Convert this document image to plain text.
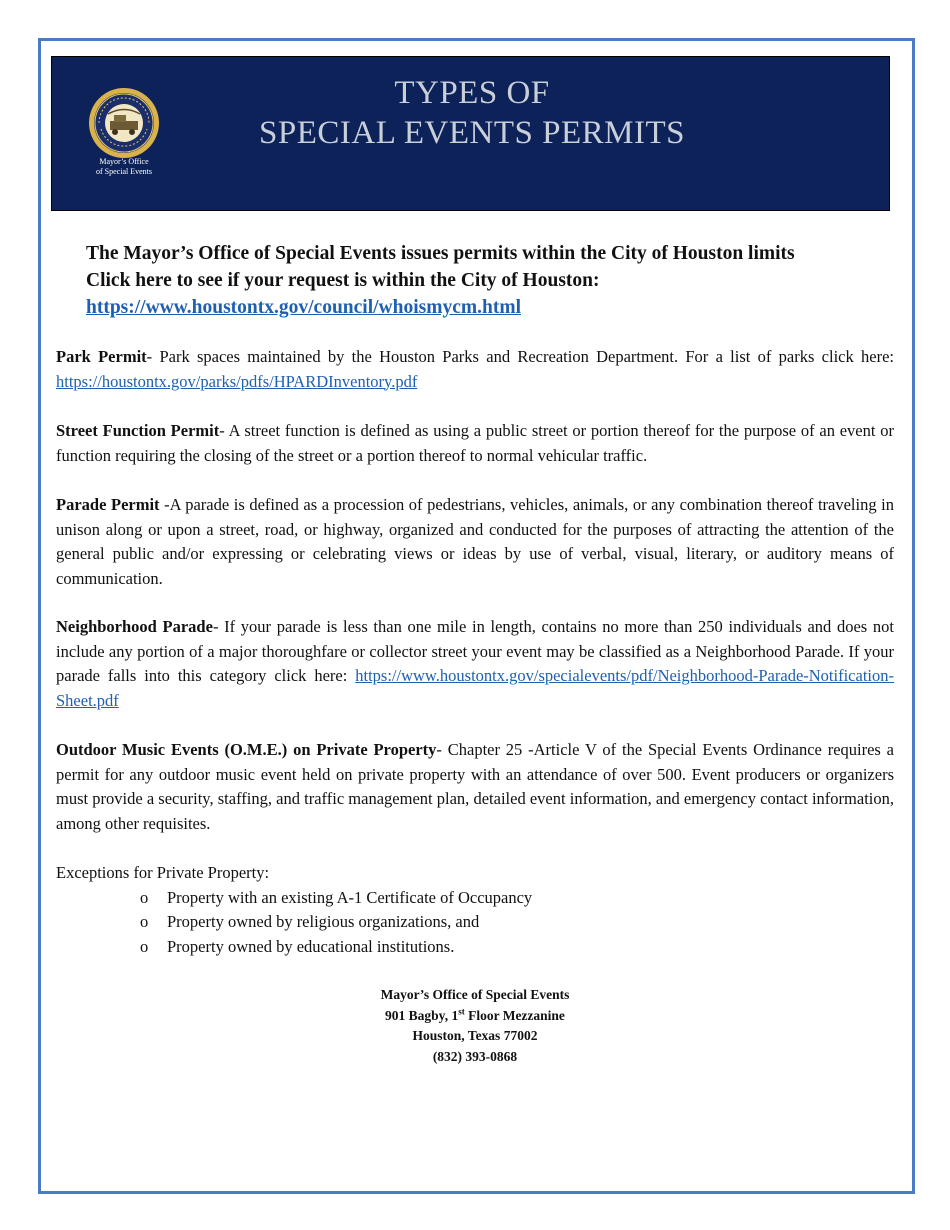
Mayor’s Office
of Special Events
TYPES OF
SPECIAL EVENTS PERMITS
The Mayor’s Office of Special Events issues permits within the City of Houston limits
Click here to see if your request is within the City of Houston:
https://www.houstontx.gov/council/whoismycm.html
Park Permit- Park spaces maintained by the Houston Parks and Recreation Department. For a list of parks click here: https://houstontx.gov/parks/pdfs/HPARDInventory.pdf
Street Function Permit- A street function is defined as using a public street or portion thereof for the purpose of an event or function requiring the closing of the street or a portion thereof to normal vehicular traffic.
Parade Permit -A parade is defined as a procession of pedestrians, vehicles, animals, or any combination thereof traveling in unison along or upon a street, road, or highway, organized and conducted for the purposes of attracting the attention of the general public and/or expressing or celebrating views or ideas by use of verbal, visual, literary, or auditory means of communication.
Neighborhood Parade- If your parade is less than one mile in length, contains no more than 250 individuals and does not include any portion of a major thoroughfare or collector street your event may be classified as a Neighborhood Parade. If your parade falls into this category click here: https://www.houstontx.gov/specialevents/pdf/Neighborhood-Parade-Notification-Sheet.pdf
Outdoor Music Events (O.M.E.) on Private Property- Chapter 25 -Article V of the Special Events Ordinance requires a permit for any outdoor music event held on private property with an attendance of over 500. Event producers or organizers must provide a security, staffing, and traffic management plan, detailed event information, and emergency contact information, among other requisites.
Exceptions for Private Property:
o Property with an existing A-1 Certificate of Occupancy
o Property owned by religious organizations, and
o Property owned by educational institutions.
Mayor’s Office of Special Events
901 Bagby, 1st Floor Mezzanine
Houston, Texas 77002
(832) 393-0868
